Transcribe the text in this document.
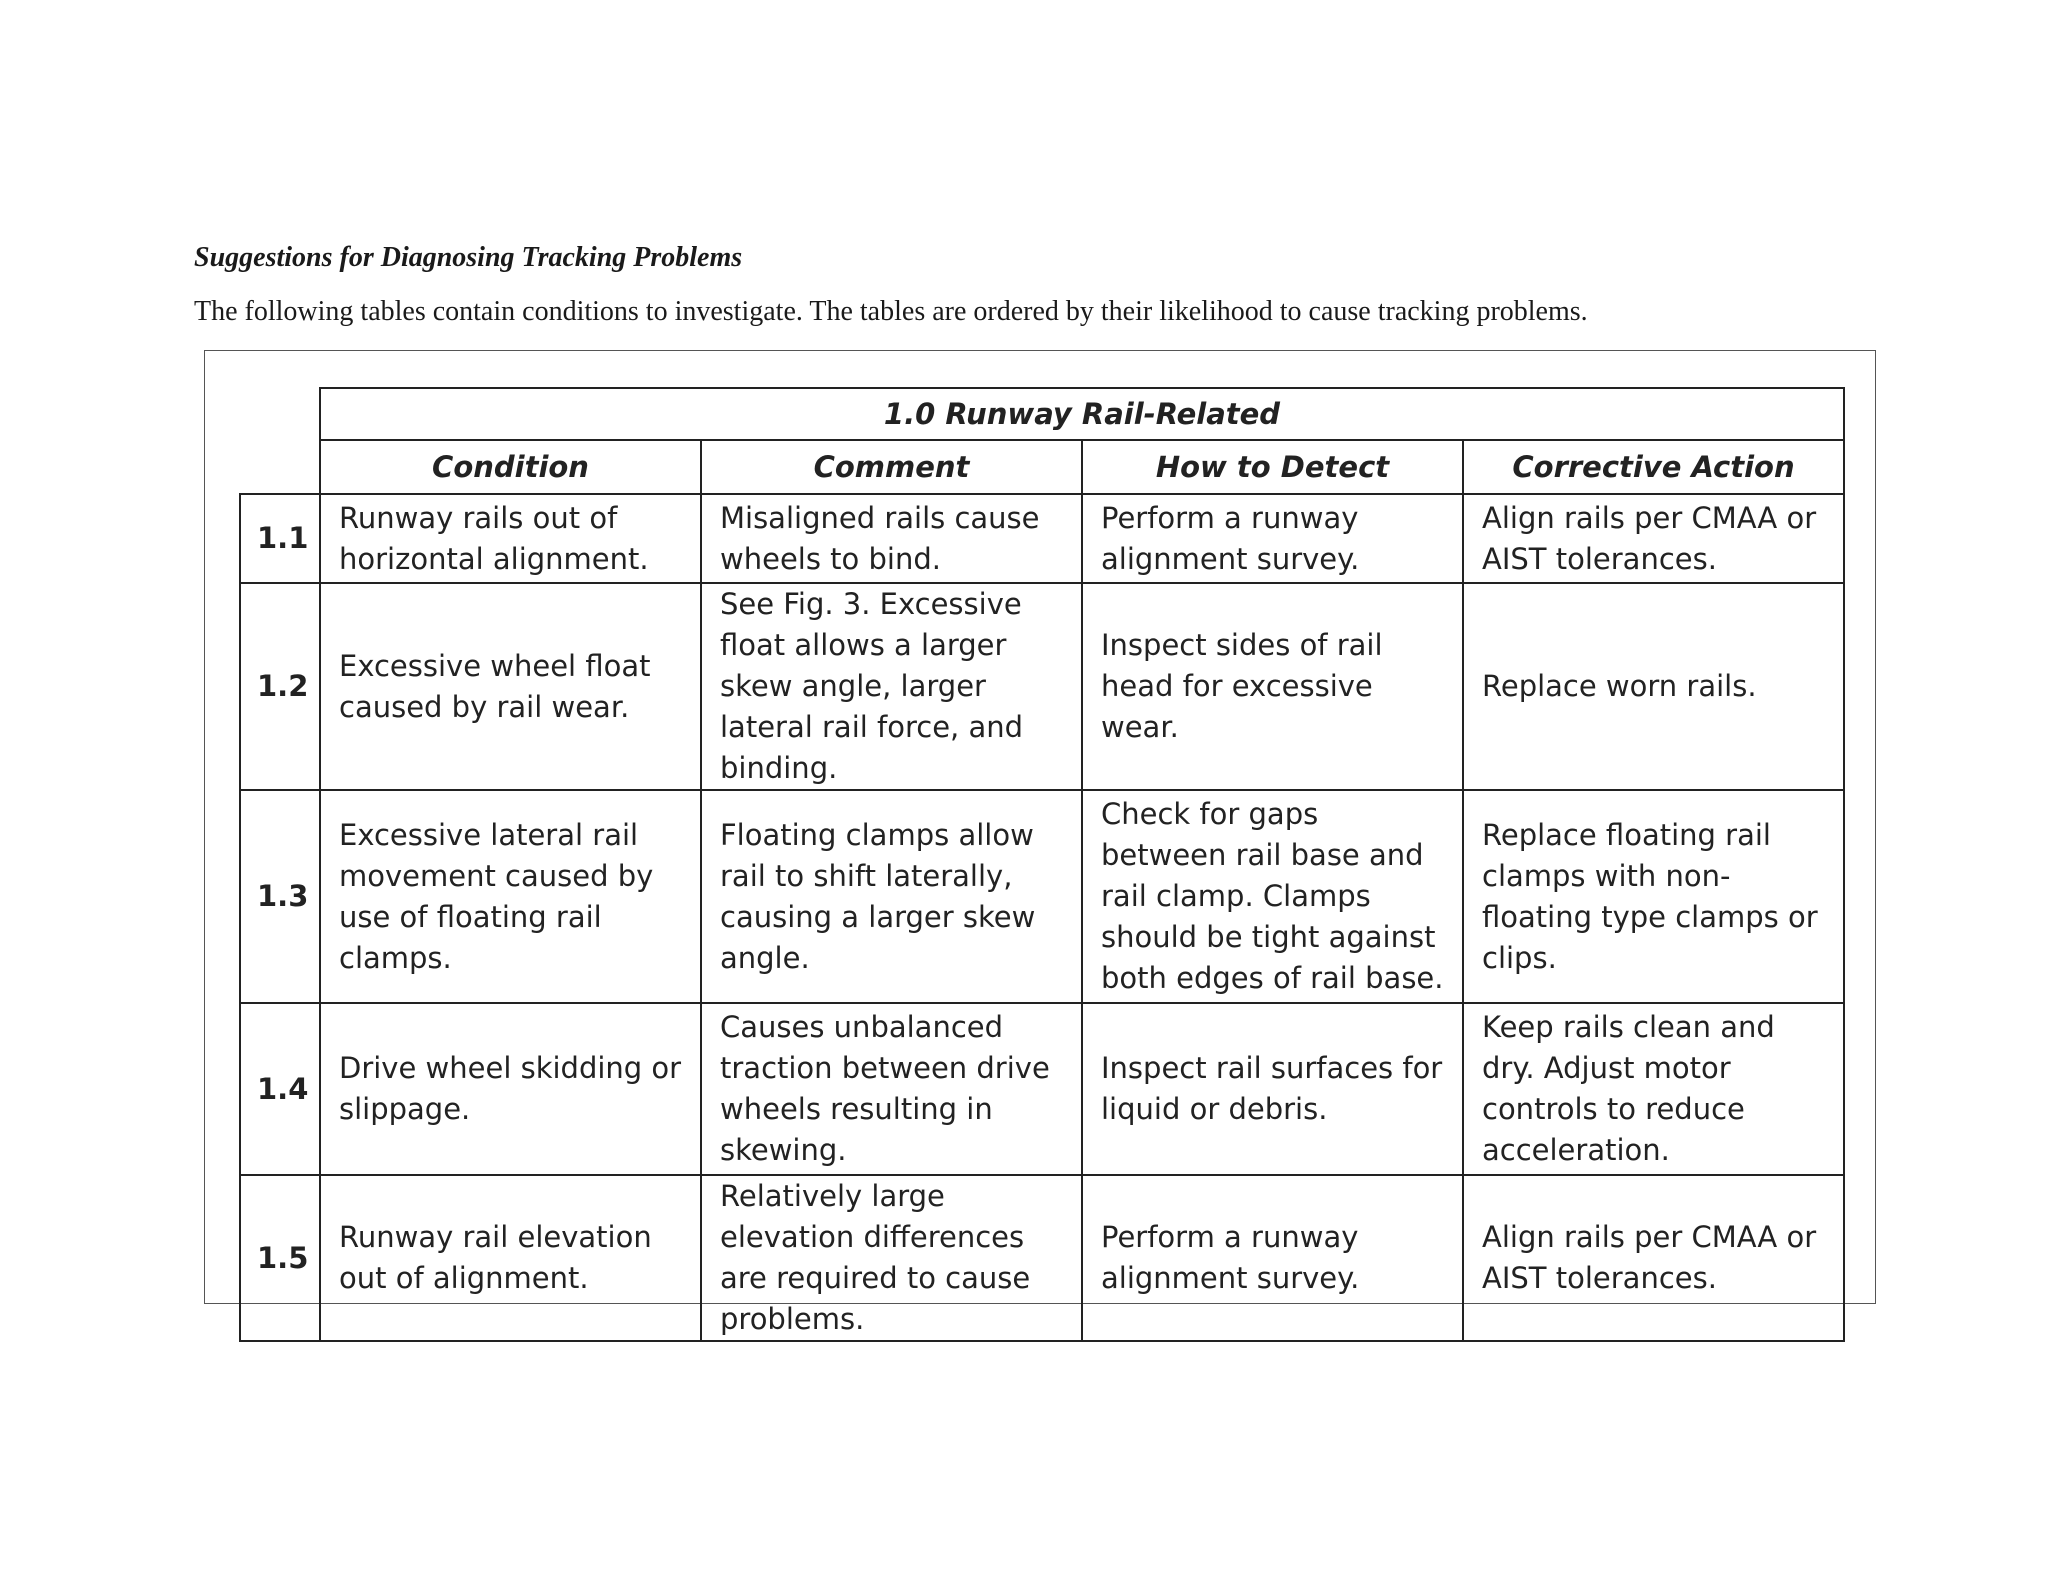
Suggestions for Diagnosing Tracking Problems

The following tables contain conditions to investigate. The tables are ordered by their likelihood to cause tracking problems.

	1.0 Runway Rail-Related			
	Condition	Comment	How to Detect	Corrective Action
1.1	Runway rails out of horizontal alignment.	Misaligned rails cause wheels to bind.	Perform a runway alignment survey.	Align rails per CMAA or AIST tolerances.
1.2	Excessive wheel float caused by rail wear.	See Fig. 3. Excessive float allows a larger skew angle, larger lateral rail force, and binding.	Inspect sides of rail head for excessive wear.	Replace worn rails.
1.3	Excessive lateral rail movement caused by use of floating rail clamps.	Floating clamps allow rail to shift laterally, causing a larger skew angle.	Check for gaps between rail base and rail clamp. Clamps should be tight against both edges of rail base.	Replace floating rail clamps with non-floating type clamps or clips.
1.4	Drive wheel skidding or slippage.	Causes unbalanced traction between drive wheels resulting in skewing.	Inspect rail surfaces for liquid or debris.	Keep rails clean and dry. Adjust motor controls to reduce acceleration.
1.5	Runway rail elevation out of alignment.	Relatively large elevation differences are required to cause problems.	Perform a runway alignment survey.	Align rails per CMAA or AIST tolerances.
